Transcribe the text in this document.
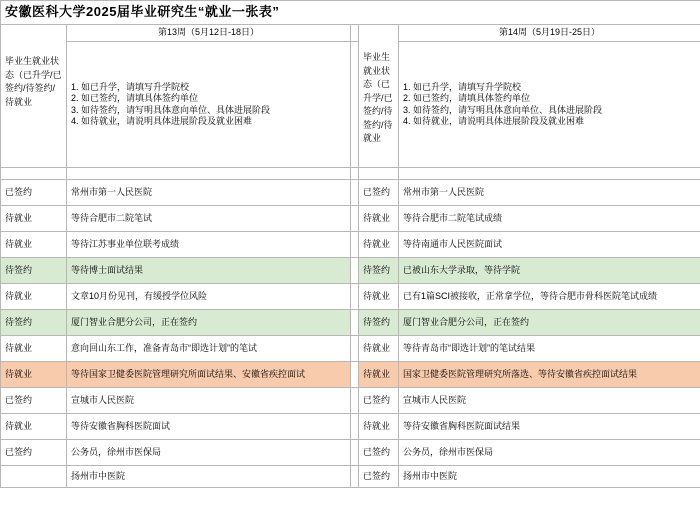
安徽医科大学2025届毕业研究生“就业一张表”				
毕业生就业状态（已升学/已签约/待签约/待就业	第13周（5月12日-18日）		毕业生就业状态（已升学/已签约/待签约/待就业	第14周（5月19日-25日）

1. 如已升学，请填写升学院校
2. 如已签约，请填具体签约单位
3. 如待签约，请写明具体意向单位、具体进展阶段
4. 如待就业，请说明具体进展阶段及就业困难

1. 如已升学，请填写升学院校
2. 如已签约，请填具体签约单位
3. 如待签约，请写明具体意向单位、具体进展阶段
4. 如待就业，请说明具体进展阶段及就业困难

已签约	常州市第一人民医院		已签约	常州市第一人民医院
待就业	等待合肥市二院笔试		待就业	等待合肥市二院笔试成绩
待就业	等待江苏事业单位联考成绩		待就业	等待南通市人民医院面试
待签约	等待博士面试结果		待签约	已被山东大学录取，等待学院
待就业	文章10月份见刊，有缓授学位风险		待就业	已有1篇SCI被接收，正常拿学位，等待合肥市骨科医院笔试成绩
待签约	厦门智业合肥分公司，正在签约		待签约	厦门智业合肥分公司，正在签约
待就业	意向回山东工作，准备青岛市“即选计划”的笔试		待就业	等待青岛市“即选计划”的笔试结果
待就业	等待国家卫健委医院管理研究所面试结果、安徽省疾控面试		待就业	国家卫健委医院管理研究所落选、等待安徽省疾控面试结果
已签约	宣城市人民医院		已签约	宣城市人民医院
待就业	等待安徽省胸科医院面试		待就业	等待安徽省胸科医院面试结果
已签约	公务员，徐州市医保局		已签约	公务员，徐州市医保局
	扬州市中医院		已签约	扬州市中医院
